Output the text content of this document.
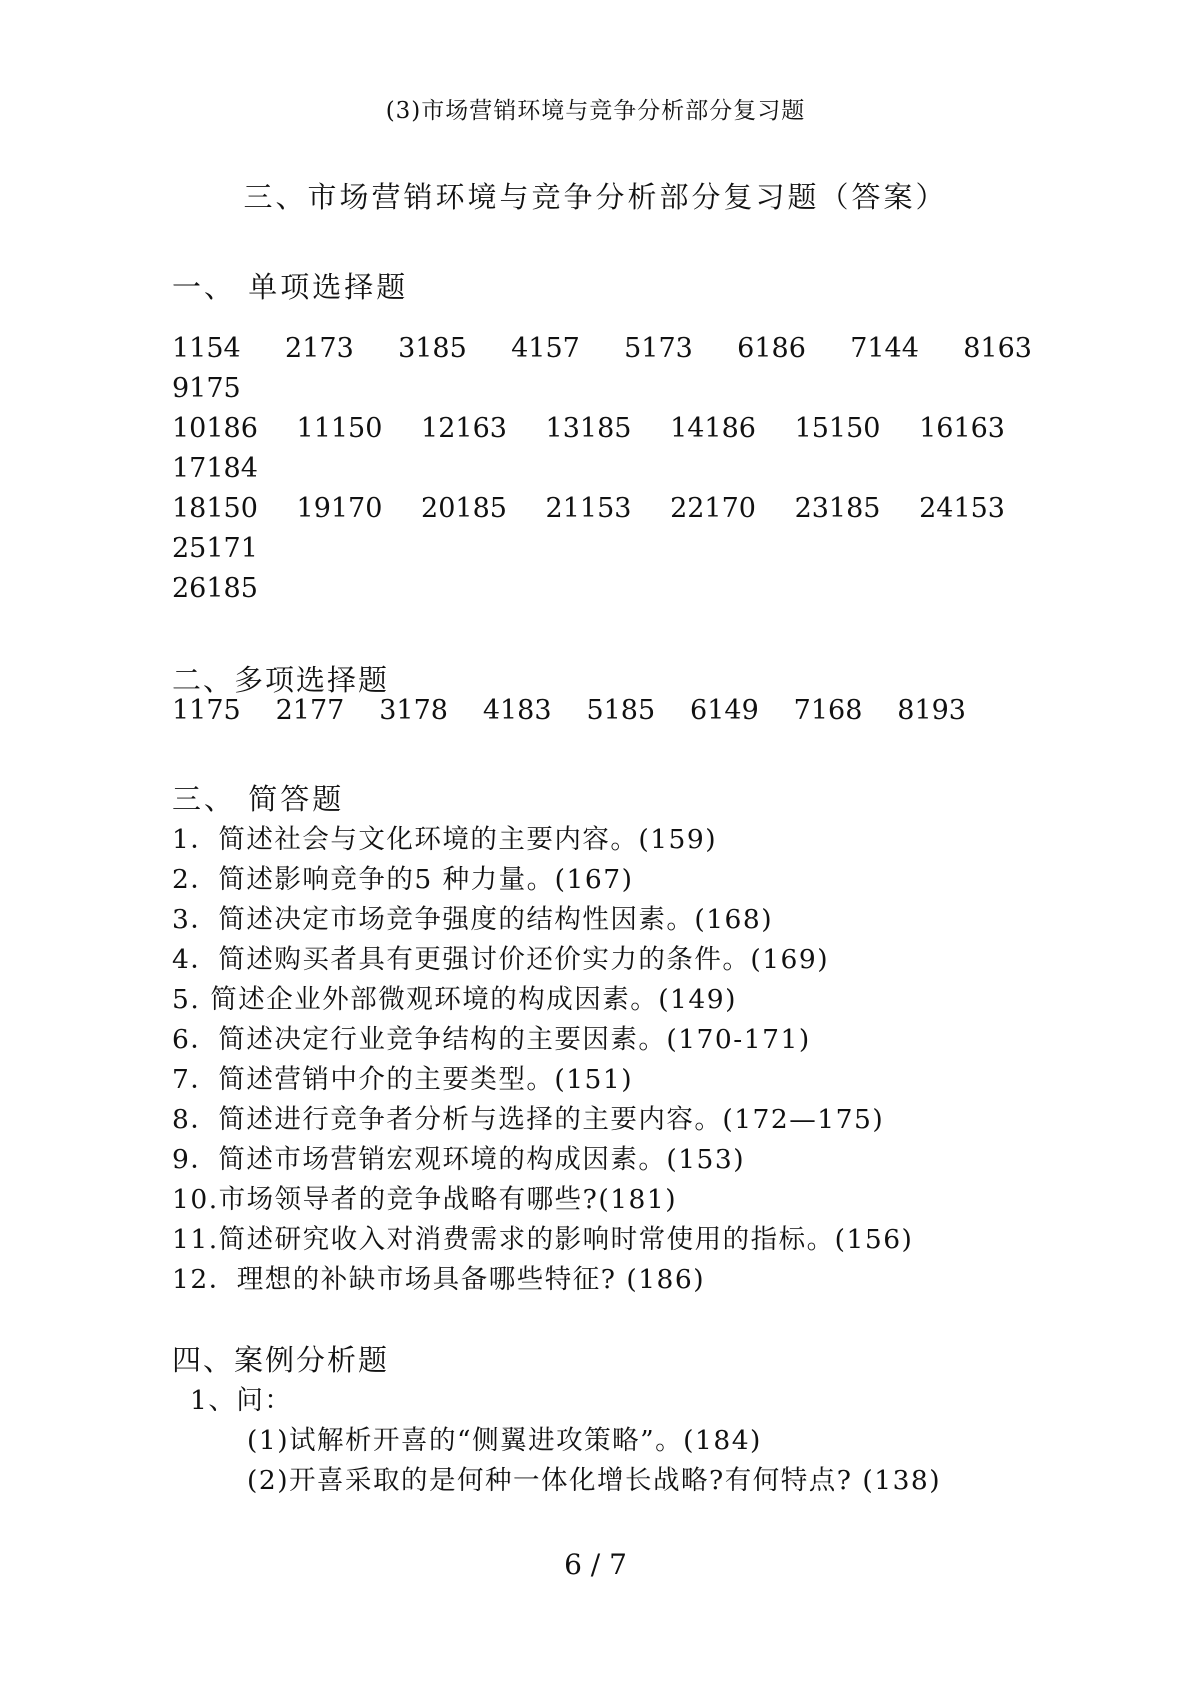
(3)市场营销环境与竞争分析部分复习题
三、市场营销环境与竞争分析部分复习题（答案）
一、 单项选择题
1154 2173 3185 4157 5173 6186 7144 8163
9175
10186 11150 12163 13185 14186 15150 16163
17184
18150 19170 20185 21153 22170 23185 24153
25171
26185
二、多项选择题
1175 2177 3178 4183 5185 6149 7168 8193
三、 简答题
1．简述社会与文化环境的主要内容。(159)
2．简述影响竞争的5 种力量。(167)
3．简述决定市场竞争强度的结构性因素。(168)
4．简述购买者具有更强讨价还价实力的条件。(169)
5. 简述企业外部微观环境的构成因素。(149)
6．简述决定行业竞争结构的主要因素。(170-171)
7．简述营销中介的主要类型。(151)
8．简述进行竞争者分析与选择的主要内容。(172—175)
9．简述市场营销宏观环境的构成因素。(153)
10.市场领导者的竞争战略有哪些?(181)
11.简述研究收入对消费需求的影响时常使用的指标。(156)
12．理想的补缺市场具备哪些特征? (186)
四、案例分析题
1、问：
(1)试解析开喜的“侧翼进攻策略”。(184)
(2)开喜采取的是何种一体化增长战略?有何特点? (138)
6 / 7
